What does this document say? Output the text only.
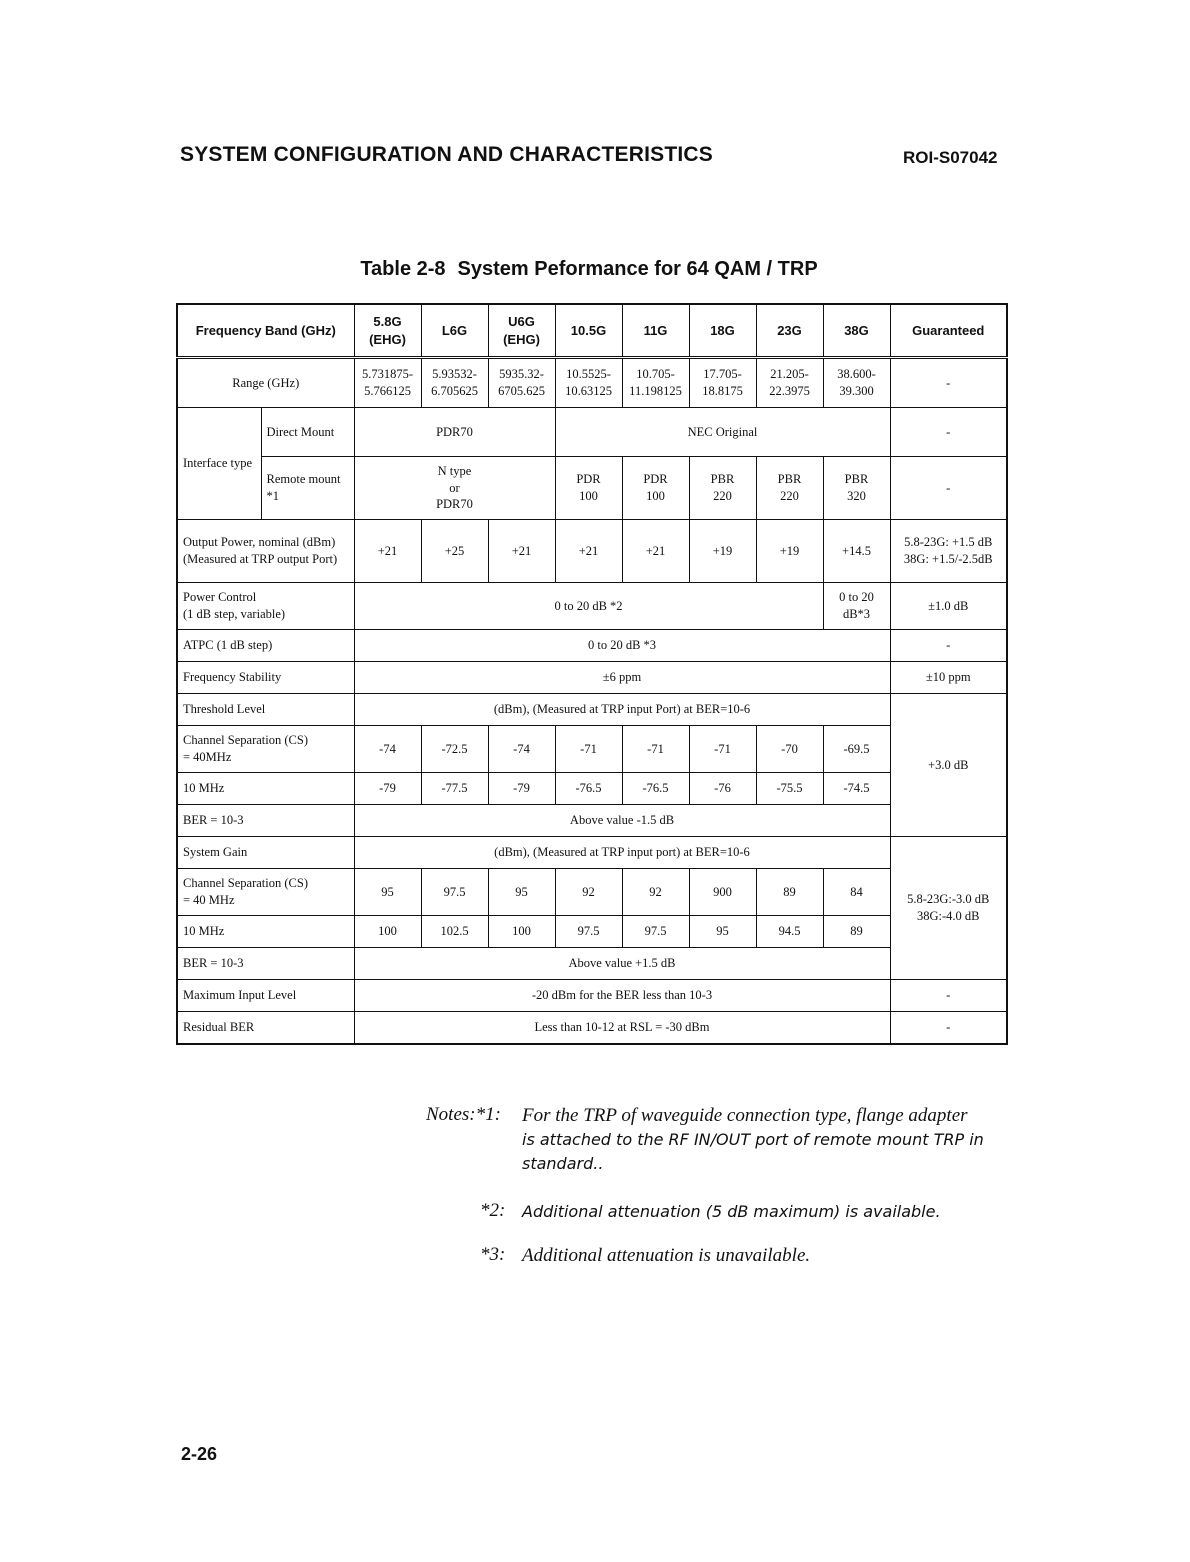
SYSTEM CONFIGURATION AND CHARACTERISTICS	ROI-S07042
Table 2-8 System Peformance for 64 QAM / TRP
Frequency Band (GHz)		5.8G (EHG)	L6G	U6G (EHG)	10.5G	11G	18G	23G	38G	Guaranteed
Range (GHz)		5.731875-
5.766125	5.93532-
6.705625	5935.32-
6705.625	10.5525-
10.63125	10.705-
11.198125	17.705-
18.8175	21.205-
22.3975	38.600-
39.300	-
Interface type	Direct Mount	PDR70			NEC Original					-
	Remote mount *1	N type
or
PDR70			PDR
100	PDR
100	PBR
220	PBR
220	PBR
320	-
Output Power, nominal (dBm) (Measured at TRP output Port)		+21	+25	+21	+21	+21	+19	+19	+14.5	5.8-23G: +1.5 dB
38G: +1.5/-2.5dB
Power Control
(1 dB step, variable)		0 to 20 dB *2							0 to 20
dB*3	±1.0 dB
ATPC (1 dB step)		0 to 20 dB *3								-
Frequency Stability		±6 ppm								±10 ppm
Threshold Level		(dBm), (Measured at TRP input Port) at BER=10-6								+3.0 dB
Channel Separation (CS)
= 40MHz		-74	-72.5	-74	-71	-71	-71	-70	-69.5	
10 MHz		-79	-77.5	-79	-76.5	-76.5	-76	-75.5	-74.5	
BER = 10-3		Above value -1.5 dB								
System Gain		(dBm), (Measured at TRP input port) at BER=10-6								5.8-23G:-3.0 dB
38G:-4.0 dB
Channel Separation (CS)
= 40 MHz		95	97.5	95	92	92	900	89	84	
10 MHz		100	102.5	100	97.5	97.5	95	94.5	89	
BER = 10-3		Above value +1.5 dB								
Maximum Input Level		-20 dBm for the BER less than 10-3								-
Residual BER		Less than 10-12 at RSL = -30 dBm								-
Notes:*1: For the TRP of waveguide connection type, flange adapter
is attached to the RF IN/OUT port of remote mount TRP in standard..
*2: Additional attenuation (5 dB maximum) is available.
*3: Additional attenuation is unavailable.
2-26
